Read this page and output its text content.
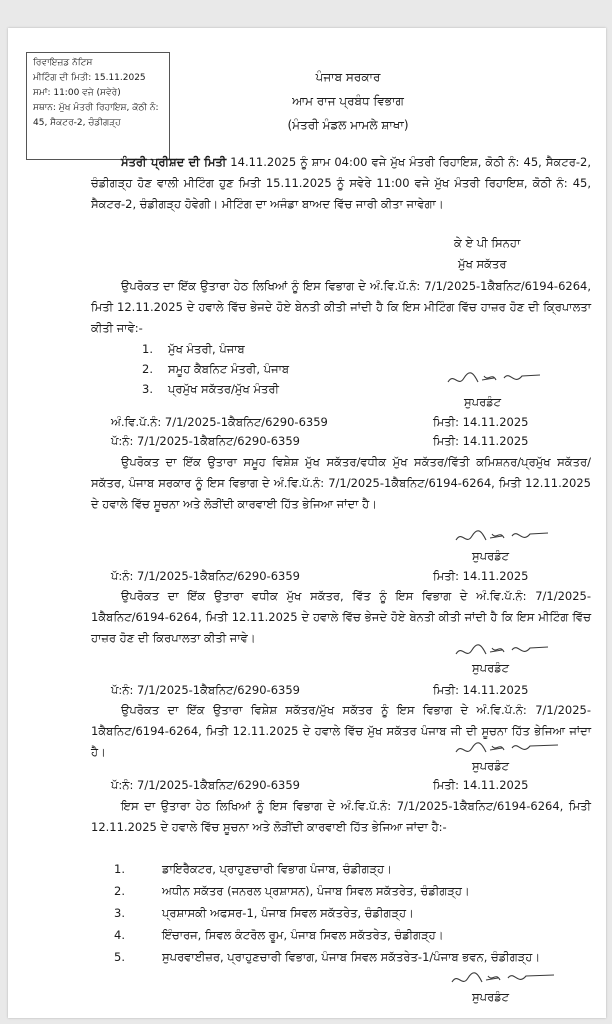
ਰਿਵਾਇਜ਼ਡ ਨੋਟਿਸ
ਮੀਟਿੰਗ ਦੀ ਮਿਤੀ: 15.11.2025
ਸਮਾਂ: 11:00 ਵਜੇ (ਸਵੇਰੇ)
ਸਥਾਨ: ਮੁੱਖ ਮੰਤਰੀ ਰਿਹਾਇਸ਼, ਕੋਠੀ ਨੰ:
45, ਸੈਕਟਰ-2, ਚੰਡੀਗੜ੍ਹ
ਪੰਜਾਬ ਸਰਕਾਰ
ਆਮ ਰਾਜ ਪ੍ਰਬੰਧ ਵਿਭਾਗ
(ਮੰਤਰੀ ਮੰਡਲ ਮਾਮਲੇ ਸ਼ਾਖਾ)
ਮੰਤਰੀ ਪ੍ਰੀਸ਼ਦ ਦੀ ਮਿਤੀ 14.11.2025 ਨੂੰ ਸ਼ਾਮ 04:00 ਵਜੇ ਮੁੱਖ ਮੰਤਰੀ ਰਿਹਾਇਸ਼, ਕੋਠੀ ਨੰ: 45, ਸੈਕਟਰ-2, ਚੰਡੀਗੜ੍ਹ ਹੋਣ ਵਾਲੀ ਮੀਟਿੰਗ ਹੁਣ ਮਿਤੀ 15.11.2025 ਨੂੰ ਸਵੇਰੇ 11:00 ਵਜੇ ਮੁੱਖ ਮੰਤਰੀ ਰਿਹਾਇਸ਼, ਕੋਠੀ ਨੰ: 45, ਸੈਕਟਰ-2, ਚੰਡੀਗੜ੍ਹ ਹੋਵੇਗੀ। ਮੀਟਿੰਗ ਦਾ ਅਜੰਡਾ ਬਾਅਦ ਵਿੱਚ ਜਾਰੀ ਕੀਤਾ ਜਾਵੇਗਾ।
ਕੇ ਏ ਪੀ ਸਿਨਹਾ
ਮੁੱਖ ਸਕੱਤਰ
ਉਪਰੋਕਤ ਦਾ ਇੱਕ ਉਤਾਰਾ ਹੇਠ ਲਿਖਿਆਂ ਨੂੰ ਇਸ ਵਿਭਾਗ ਦੇ ਅੰ.ਵਿ.ਪੱ.ਨੰ: 7/1/2025-1ਕੈਬਨਿਟ/6194-6264, ਮਿਤੀ 12.11.2025 ਦੇ ਹਵਾਲੇ ਵਿੱਚ ਭੇਜਦੇ ਹੋਏ ਬੇਨਤੀ ਕੀਤੀ ਜਾਂਦੀ ਹੈ ਕਿ ਇਸ ਮੀਟਿੰਗ ਵਿੱਚ ਹਾਜ਼ਰ ਹੋਣ ਦੀ ਕ੍ਰਿਪਾਲਤਾ ਕੀਤੀ ਜਾਵੇ:-
1. ਮੁੱਖ ਮੰਤਰੀ, ਪੰਜਾਬ
2. ਸਮੂਹ ਕੈਬਨਿਟ ਮੰਤਰੀ, ਪੰਜਾਬ
3. ਪ੍ਰਮੁੱਖ ਸਕੱਤਰ/ਮੁੱਖ ਮੰਤਰੀ
ਸੁਪਰਡੰਟ
ਅੰ.ਵਿ.ਪੱ.ਨੰ: 7/1/2025-1ਕੈਬਨਿਟ/6290-6359	ਮਿਤੀ: 14.11.2025
ਪੱ:ਨੰ: 7/1/2025-1ਕੈਬਨਿਟ/6290-6359	ਮਿਤੀ: 14.11.2025
ਉਪਰੋਕਤ ਦਾ ਇੱਕ ਉਤਾਰਾ ਸਮੂਹ ਵਿਸ਼ੇਸ਼ ਮੁੱਖ ਸਕੱਤਰ/ਵਧੀਕ ਮੁੱਖ ਸਕੱਤਰ/ਵਿੱਤੀ ਕਮਿਸ਼ਨਰ/ਪ੍ਰਮੁੱਖ ਸਕੱਤਰ/ਸਕੱਤਰ, ਪੰਜਾਬ ਸਰਕਾਰ ਨੂੰ ਇਸ ਵਿਭਾਗ ਦੇ ਅੰ.ਵਿ.ਪੱ.ਨੰ: 7/1/2025-1ਕੈਬਨਿਟ/6194-6264, ਮਿਤੀ 12.11.2025 ਦੇ ਹਵਾਲੇ ਵਿੱਚ ਸੂਚਨਾ ਅਤੇ ਲੋੜੀਂਦੀ ਕਾਰਵਾਈ ਹਿੱਤ ਭੇਜਿਆ ਜਾਂਦਾ ਹੈ।
ਸੁਪਰਡੰਟ
ਪੱ:ਨੰ: 7/1/2025-1ਕੈਬਨਿਟ/6290-6359	ਮਿਤੀ: 14.11.2025
ਉਪਰੋਕਤ ਦਾ ਇੱਕ ਉਤਾਰਾ ਵਧੀਕ ਮੁੱਖ ਸਕੱਤਰ, ਵਿੱਤ ਨੂੰ ਇਸ ਵਿਭਾਗ ਦੇ ਅੰ.ਵਿ.ਪੱ.ਨੰ: 7/1/2025-1ਕੈਬਨਿਟ/6194-6264, ਮਿਤੀ 12.11.2025 ਦੇ ਹਵਾਲੇ ਵਿੱਚ ਭੇਜਦੇ ਹੋਏ ਬੇਨਤੀ ਕੀਤੀ ਜਾਂਦੀ ਹੈ ਕਿ ਇਸ ਮੀਟਿੰਗ ਵਿੱਚ ਹਾਜ਼ਰ ਹੋਣ ਦੀ ਕਿਰਪਾਲਤਾ ਕੀਤੀ ਜਾਵੇ।
ਸੁਪਰਡੰਟ
ਪੱ:ਨੰ: 7/1/2025-1ਕੈਬਨਿਟ/6290-6359	ਮਿਤੀ: 14.11.2025
ਉਪਰੋਕਤ ਦਾ ਇੱਕ ਉਤਾਰਾ ਵਿਸ਼ੇਸ਼ ਸਕੱਤਰ/ਮੁੱਖ ਸਕੱਤਰ ਨੂੰ ਇਸ ਵਿਭਾਗ ਦੇ ਅੰ.ਵਿ.ਪੱ.ਨੰ: 7/1/2025-1ਕੈਬਨਿਟ/6194-6264, ਮਿਤੀ 12.11.2025 ਦੇ ਹਵਾਲੇ ਵਿੱਚ ਮੁੱਖ ਸਕੱਤਰ ਪੰਜਾਬ ਜੀ ਦੀ ਸੂਚਨਾ ਹਿੱਤ ਭੇਜਿਆ ਜਾਂਦਾ ਹੈ।
ਸੁਪਰਡੰਟ
ਪੱ:ਨੰ: 7/1/2025-1ਕੈਬਨਿਟ/6290-6359	ਮਿਤੀ: 14.11.2025
ਇਸ ਦਾ ਉਤਾਰਾ ਹੇਠ ਲਿਖਿਆਂ ਨੂੰ ਇਸ ਵਿਭਾਗ ਦੇ ਅੰ.ਵਿ.ਪੱ.ਨੰ: 7/1/2025-1ਕੈਬਨਿਟ/6194-6264, ਮਿਤੀ 12.11.2025 ਦੇ ਹਵਾਲੇ ਵਿੱਚ ਸੂਚਨਾ ਅਤੇ ਲੋੜੀਂਦੀ ਕਾਰਵਾਈ ਹਿੱਤ ਭੇਜਿਆ ਜਾਂਦਾ ਹੈ:-
1.	ਡਾਇਰੈਕਟਰ, ਪ੍ਰਾਹੁਣਚਾਰੀ ਵਿਭਾਗ ਪੰਜਾਬ, ਚੰਡੀਗੜ੍ਹ।
2.	ਅਧੀਨ ਸਕੱਤਰ (ਜਨਰਲ ਪ੍ਰਸ਼ਾਸਨ), ਪੰਜਾਬ ਸਿਵਲ ਸਕੱਤਰੇਤ, ਚੰਡੀਗੜ੍ਹ।
3.	ਪ੍ਰਸ਼ਾਸਕੀ ਅਫਸਰ-1, ਪੰਜਾਬ ਸਿਵਲ ਸਕੱਤਰੇਤ, ਚੰਡੀਗੜ੍ਹ।
4.	ਇੰਚਾਰਜ, ਸਿਵਲ ਕੰਟਰੋਲ ਰੂਮ, ਪੰਜਾਬ ਸਿਵਲ ਸਕੱਤਰੇਤ, ਚੰਡੀਗੜ੍ਹ।
5.	ਸੁਪਰਵਾਈਜ਼ਰ, ਪ੍ਰਾਹੁਣਚਾਰੀ ਵਿਭਾਗ, ਪੰਜਾਬ ਸਿਵਲ ਸਕੱਤਰੇਤ-1/ਪੰਜਾਬ ਭਵਨ, ਚੰਡੀਗੜ੍ਹ।
ਸੁਪਰਡੰਟ
